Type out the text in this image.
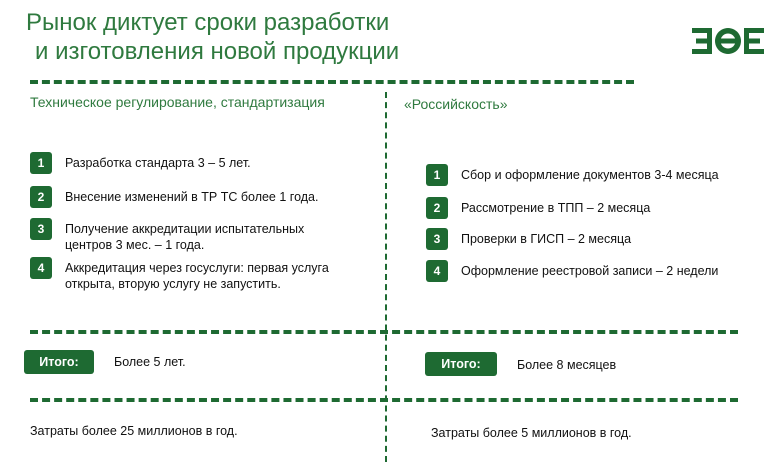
Рынок диктует сроки разработки
и изготовления новой продукции
Техническое регулирование, стандартизация
1	Разработка стандарта 3 – 5 лет.
2	Внесение изменений в ТР ТС более 1 года.
3	Получение аккредитации испытательных
центров 3 мес. – 1 года.
4	Аккредитация через госуслуги: первая услуга
открыта, вторую услугу не запустить.
«Российскость»
1	Сбор и оформление документов 3-4 месяца
2	Рассмотрение в ТПП – 2 месяца
3	Проверки в ГИСП – 2 месяца
4	Оформление реестровой записи – 2 недели
Итого:	Более 5 лет.	Итого:	Более 8 месяцев
Затраты более 25 миллионов в год.	Затраты более 5 миллионов в год.
